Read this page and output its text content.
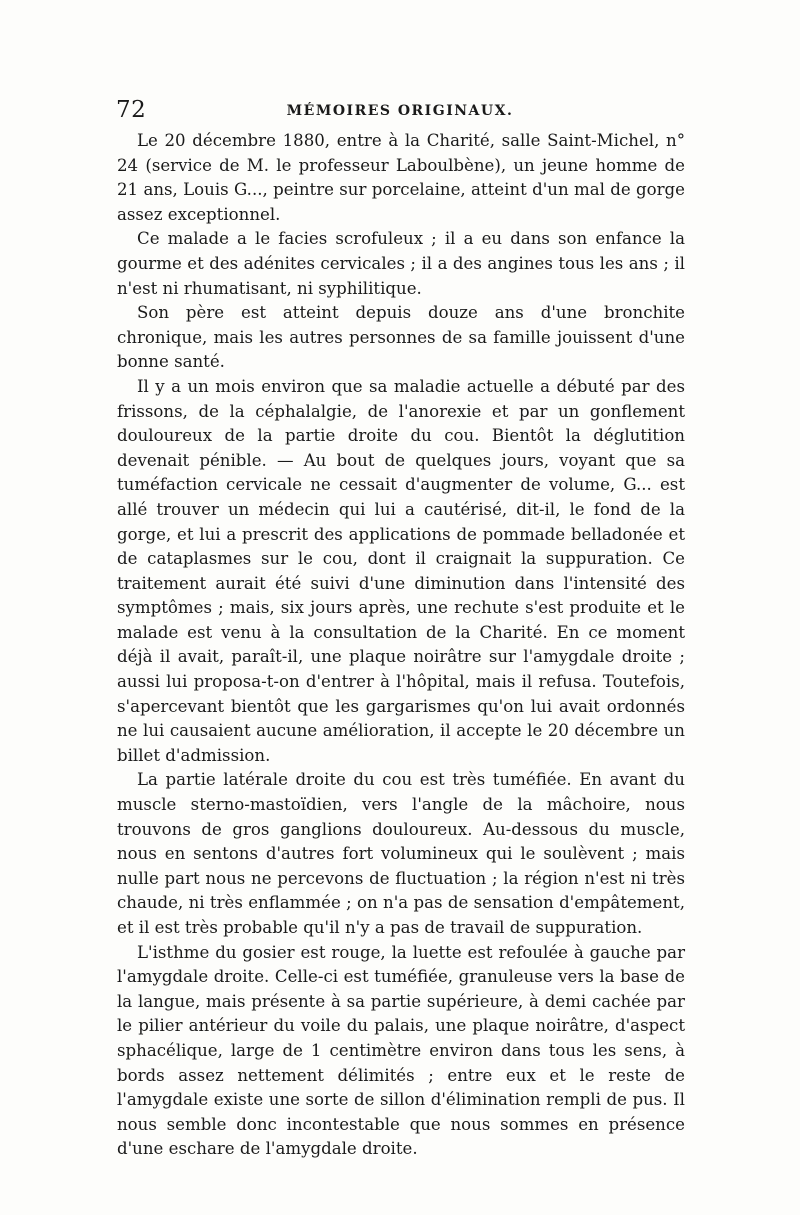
72	MÉMOIRES ORIGINAUX.

Le 20 décembre 1880, entre à la Charité, salle Saint-Michel, n° 24 (service de M. le professeur Laboulbène), un jeune homme de 21 ans, Louis G..., peintre sur porcelaine, atteint d'un mal de gorge assez exceptionnel.

Ce malade a le facies scrofuleux ; il a eu dans son enfance la gourme et des adénites cervicales ; il a des angines tous les ans ; il n'est ni rhumatisant, ni syphilitique.

Son père est atteint depuis douze ans d'une bronchite chronique, mais les autres personnes de sa famille jouissent d'une bonne santé.

Il y a un mois environ que sa maladie actuelle a débuté par des frissons, de la céphalalgie, de l'anorexie et par un gonflement douloureux de la partie droite du cou. Bientôt la déglutition devenait pénible. — Au bout de quelques jours, voyant que sa tuméfaction cervicale ne cessait d'augmenter de volume, G... est allé trouver un médecin qui lui a cautérisé, dit-il, le fond de la gorge, et lui a prescrit des applications de pommade belladonée et de cataplasmes sur le cou, dont il craignait la suppuration. Ce traitement aurait été suivi d'une diminution dans l'intensité des symptômes ; mais, six jours après, une rechute s'est produite et le malade est venu à la consultation de la Charité. En ce moment déjà il avait, paraît-il, une plaque noirâtre sur l'amygdale droite ; aussi lui proposa-t-on d'entrer à l'hôpital, mais il refusa. Toutefois, s'apercevant bientôt que les gargarismes qu'on lui avait ordonnés ne lui causaient aucune amélioration, il accepte le 20 décembre un billet d'admission.

La partie latérale droite du cou est très tuméfiée. En avant du muscle sterno-mastoïdien, vers l'angle de la mâchoire, nous trouvons de gros ganglions douloureux. Au-dessous du muscle, nous en sentons d'autres fort volumineux qui le soulèvent ; mais nulle part nous ne percevons de fluctuation ; la région n'est ni très chaude, ni très enflammée ; on n'a pas de sensation d'empâtement, et il est très probable qu'il n'y a pas de travail de suppuration.

L'isthme du gosier est rouge, la luette est refoulée à gauche par l'amygdale droite. Celle-ci est tuméfiée, granuleuse vers la base de la langue, mais présente à sa partie supérieure, à demi cachée par le pilier antérieur du voile du palais, une plaque noirâtre, d'aspect sphacélique, large de 1 centimètre environ dans tous les sens, à bords assez nettement délimités ; entre eux et le reste de l'amygdale existe une sorte de sillon d'élimination rempli de pus. Il nous semble donc incontestable que nous sommes en présence d'une eschare de l'amygdale droite.
